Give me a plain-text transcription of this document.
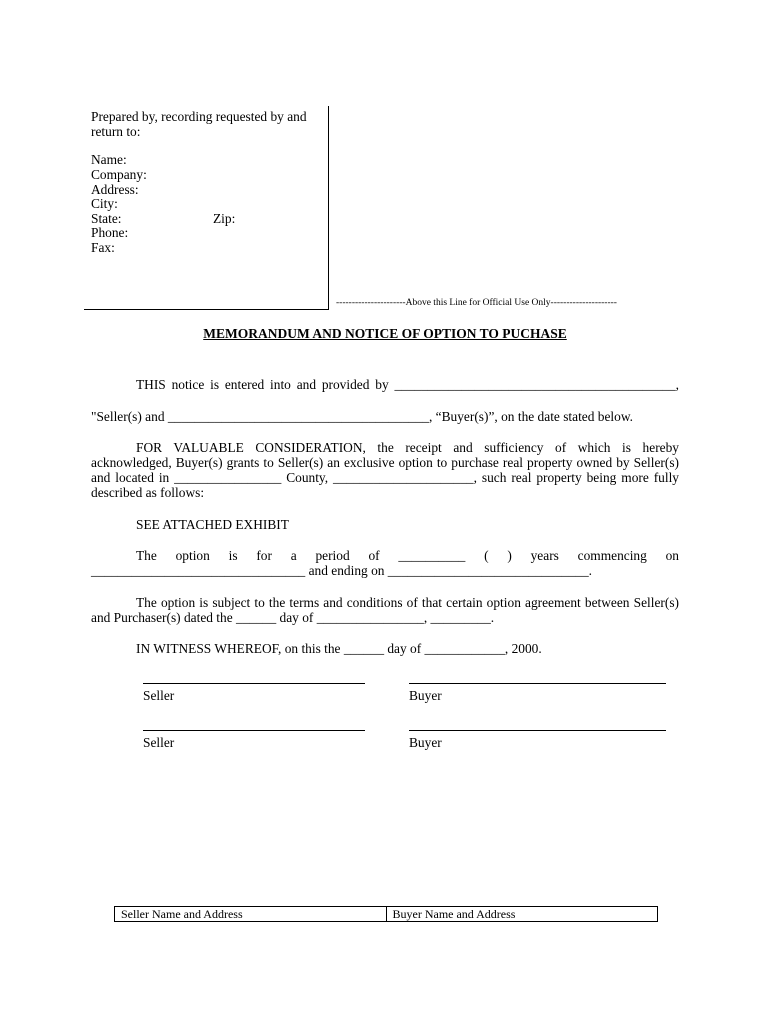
Prepared by, recording requested by and return to:
Name:
Company:
Address:
City:
State:	Zip:
Phone:
Fax:
----------------------Above this Line for Official Use Only---------------------
MEMORANDUM AND NOTICE OF OPTION TO PUCHASE
THIS notice is entered into and provided by __________________________________________,
"Seller(s) and _______________________________________, “Buyer(s)”, on the date stated below.
FOR VALUABLE CONSIDERATION, the receipt and sufficiency of which is hereby acknowledged, Buyer(s) grants to Seller(s) an exclusive option to purchase real property owned by Seller(s) and located in ________________ County, _____________________, such real property being more fully described as follows:
SEE ATTACHED EXHIBIT
The option is for a period of __________ ( ) years commencing on ________________________________ and ending on ______________________________.
The option is subject to the terms and conditions of that certain option agreement between Seller(s) and Purchaser(s) dated the ______ day of ________________, _________.
IN WITNESS WHEREOF, on this the ______ day of ____________, 2000.
Seller	Buyer
Seller	Buyer
Seller Name and Address	Buyer Name and Address
